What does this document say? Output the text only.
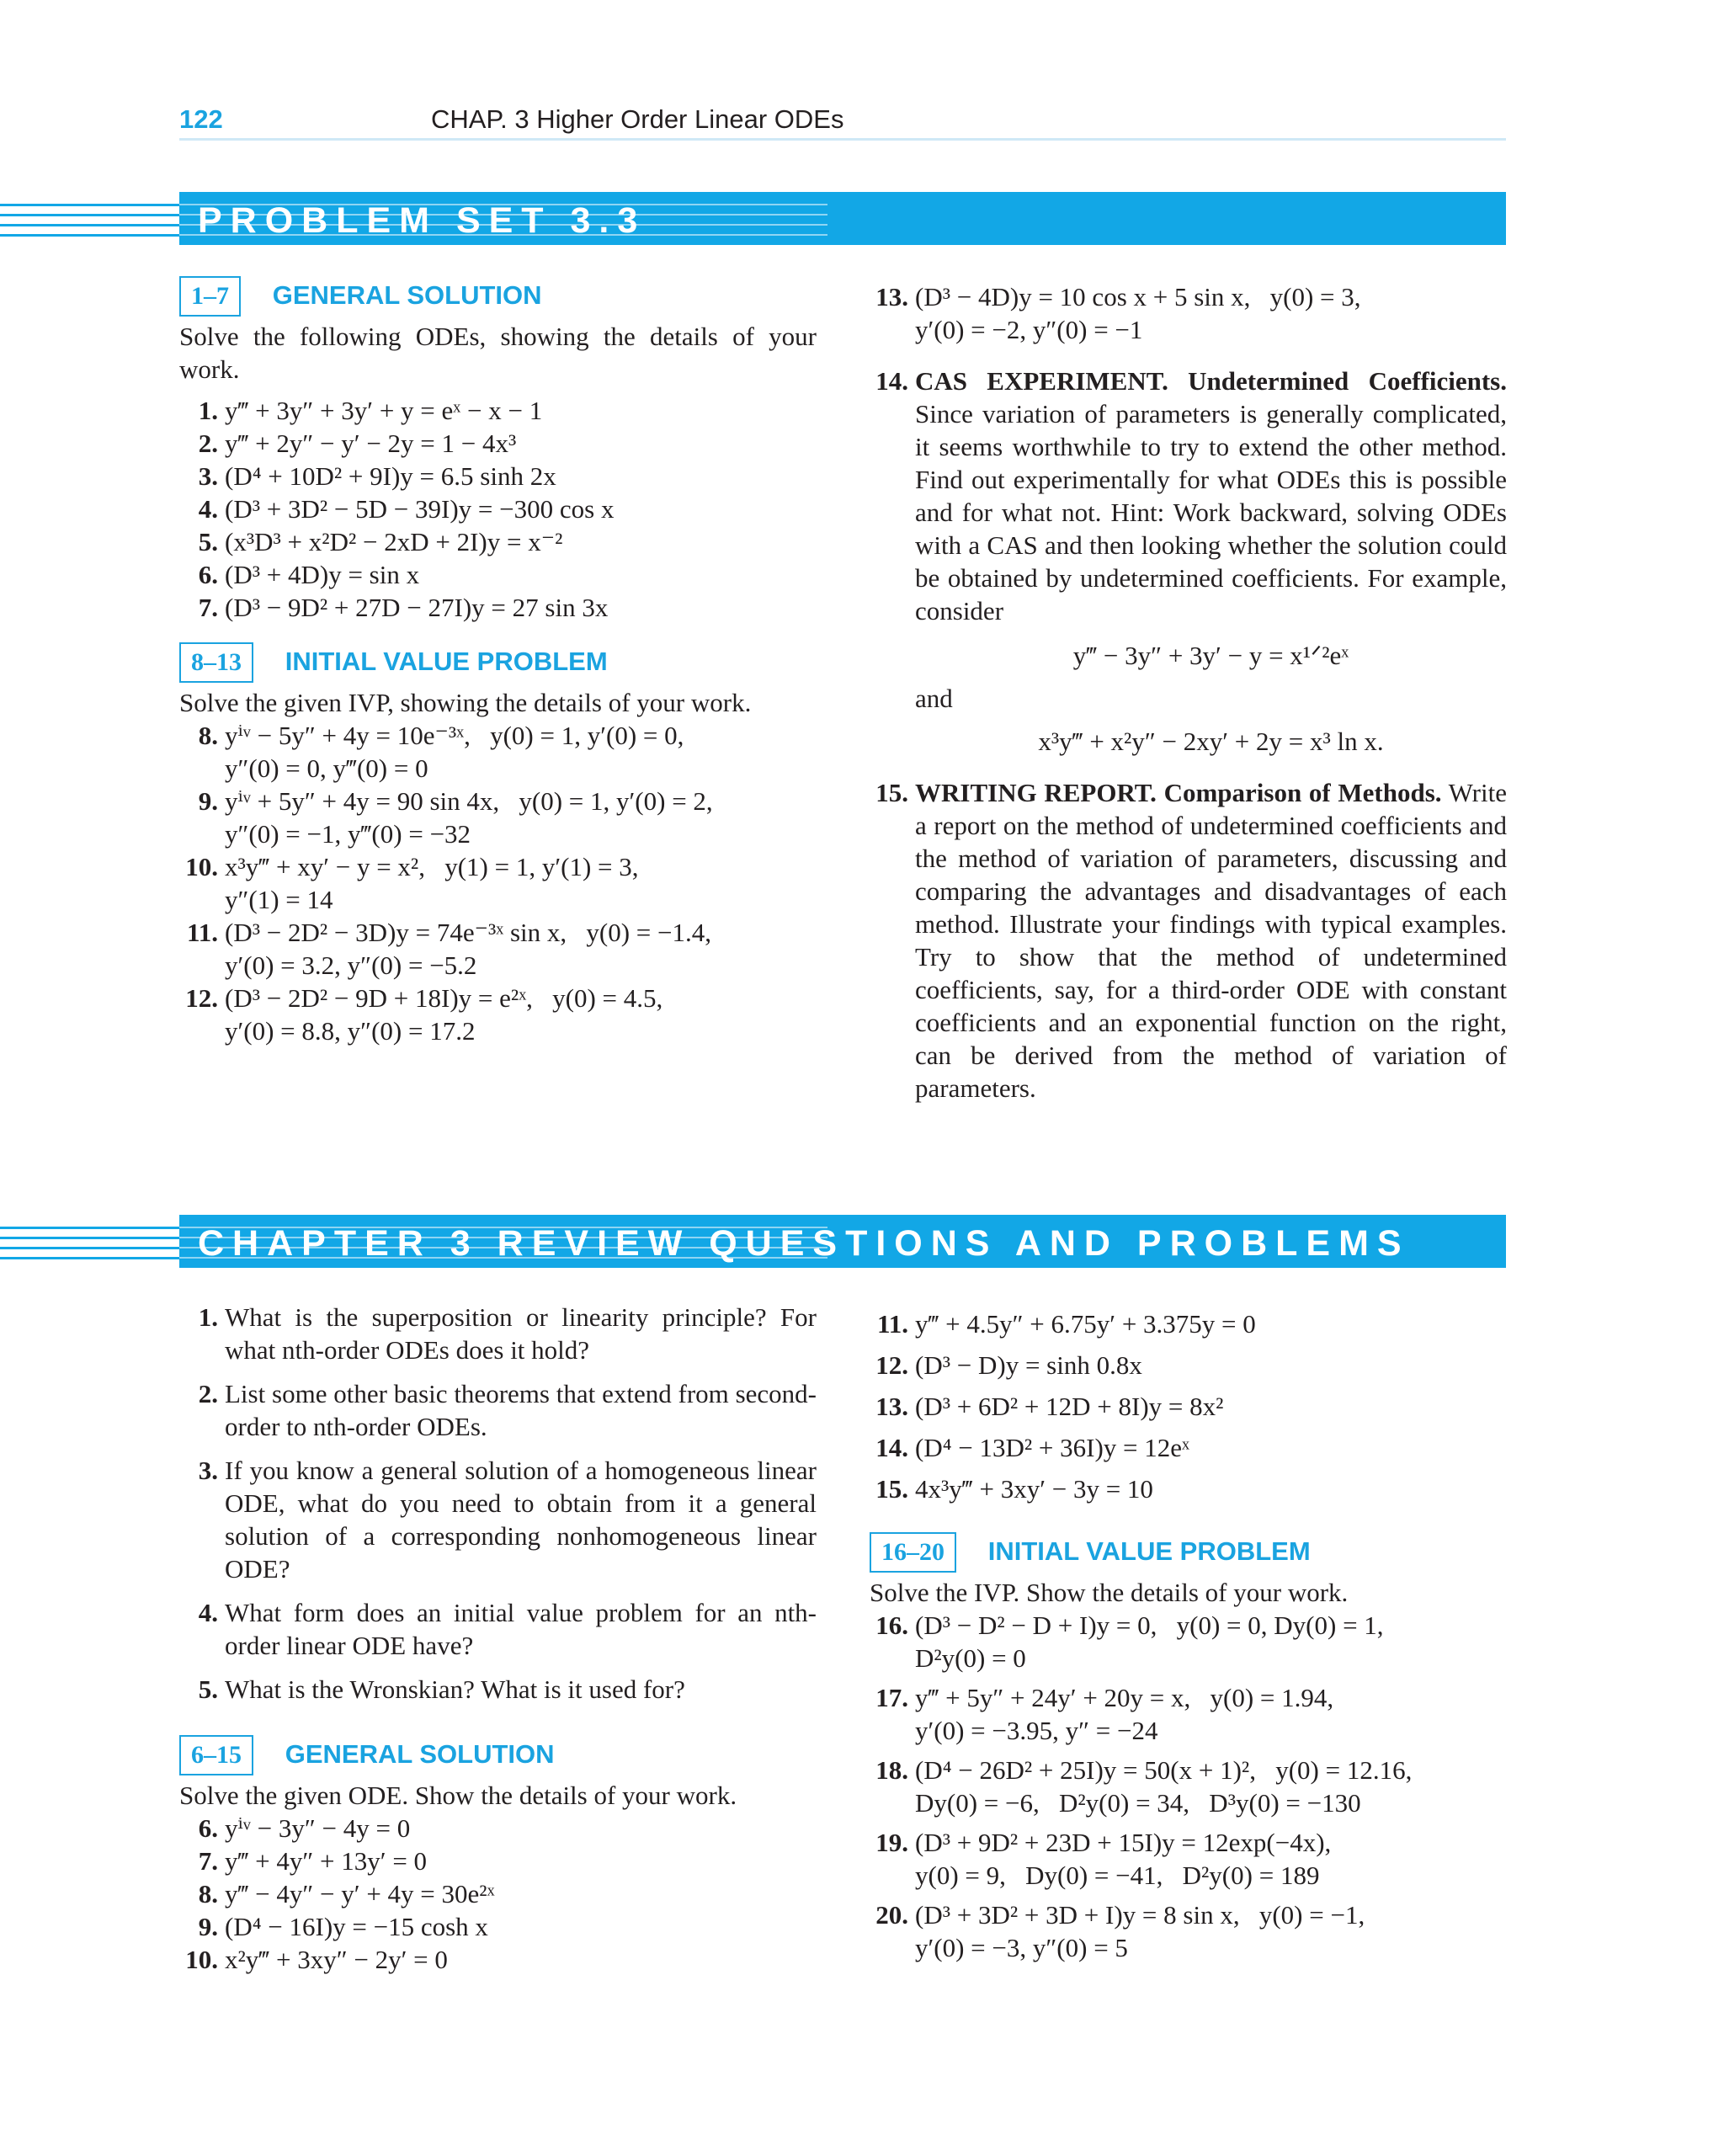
122	CHAP. 3 Higher Order Linear ODEs
PROBLEM SET 3.3
1–7 GENERAL SOLUTION
Solve the following ODEs, showing the details of your work.
1. y‴ + 3y″ + 3y′ + y = eˣ − x − 1
2. y‴ + 2y″ − y′ − 2y = 1 − 4x³
3. (D⁴ + 10D² + 9I)y = 6.5 sinh 2x
4. (D³ + 3D² − 5D − 39I)y = −300 cos x
5. (x³D³ + x²D² − 2xD + 2I)y = x⁻²
6. (D³ + 4D)y = sin x
7. (D³ − 9D² + 27D − 27I)y = 27 sin 3x
8–13 INITIAL VALUE PROBLEM
Solve the given IVP, showing the details of your work.
8. yⁱᵛ − 5y″ + 4y = 10e⁻³ˣ,   y(0) = 1, y′(0) = 0,
y″(0) = 0, y‴(0) = 0
9. yⁱᵛ + 5y″ + 4y = 90 sin 4x,   y(0) = 1, y′(0) = 2,
y″(0) = −1, y‴(0) = −32
10. x³y‴ + xy′ − y = x²,   y(1) = 1, y′(1) = 3,
y″(1) = 14
11. (D³ − 2D² − 3D)y = 74e⁻³ˣ sin x,   y(0) = −1.4,
y′(0) = 3.2, y″(0) = −5.2
12. (D³ − 2D² − 9D + 18I)y = e²ˣ,   y(0) = 4.5,
y′(0) = 8.8, y″(0) = 17.2
13. (D³ − 4D)y = 10 cos x + 5 sin x,   y(0) = 3,
y′(0) = −2, y″(0) = −1
14. CAS EXPERIMENT. Undetermined Coefficients. Since variation of parameters is generally complicated, it seems worthwhile to try to extend the other method. Find out experimentally for what ODEs this is possible and for what not. Hint: Work backward, solving ODEs with a CAS and then looking whether the solution could be obtained by undetermined coefficients. For example, consider
y‴ − 3y″ + 3y′ − y = x¹ᐟ²eˣ
and
x³y‴ + x²y″ − 2xy′ + 2y = x³ ln x.
15. WRITING REPORT. Comparison of Methods. Write a report on the method of undetermined coefficients and the method of variation of parameters, discussing and comparing the advantages and disadvantages of each method. Illustrate your findings with typical examples. Try to show that the method of undetermined coefficients, say, for a third-order ODE with constant coefficients and an exponential function on the right, can be derived from the method of variation of parameters.
CHAPTER 3 REVIEW QUESTIONS AND PROBLEMS
1. What is the superposition or linearity principle? For what nth-order ODEs does it hold?
2. List some other basic theorems that extend from second-order to nth-order ODEs.
3. If you know a general solution of a homogeneous linear ODE, what do you need to obtain from it a general solution of a corresponding nonhomogeneous linear ODE?
4. What form does an initial value problem for an nth-order linear ODE have?
5. What is the Wronskian? What is it used for?
6–15 GENERAL SOLUTION
Solve the given ODE. Show the details of your work.
6. yⁱᵛ − 3y″ − 4y = 0
7. y‴ + 4y″ + 13y′ = 0
8. y‴ − 4y″ − y′ + 4y = 30e²ˣ
9. (D⁴ − 16I)y = −15 cosh x
10. x²y‴ + 3xy″ − 2y′ = 0
11. y‴ + 4.5y″ + 6.75y′ + 3.375y = 0
12. (D³ − D)y = sinh 0.8x
13. (D³ + 6D² + 12D + 8I)y = 8x²
14. (D⁴ − 13D² + 36I)y = 12eˣ
15. 4x³y‴ + 3xy′ − 3y = 10
16–20 INITIAL VALUE PROBLEM
Solve the IVP. Show the details of your work.
16. (D³ − D² − D + I)y = 0,   y(0) = 0, Dy(0) = 1,
D²y(0) = 0
17. y‴ + 5y″ + 24y′ + 20y = x,   y(0) = 1.94,
y′(0) = −3.95, y″ = −24
18. (D⁴ − 26D² + 25I)y = 50(x + 1)²,   y(0) = 12.16,
Dy(0) = −6,   D²y(0) = 34,   D³y(0) = −130
19. (D³ + 9D² + 23D + 15I)y = 12exp(−4x),
y(0) = 9,   Dy(0) = −41,   D²y(0) = 189
20. (D³ + 3D² + 3D + I)y = 8 sin x,   y(0) = −1,
y′(0) = −3, y″(0) = 5
